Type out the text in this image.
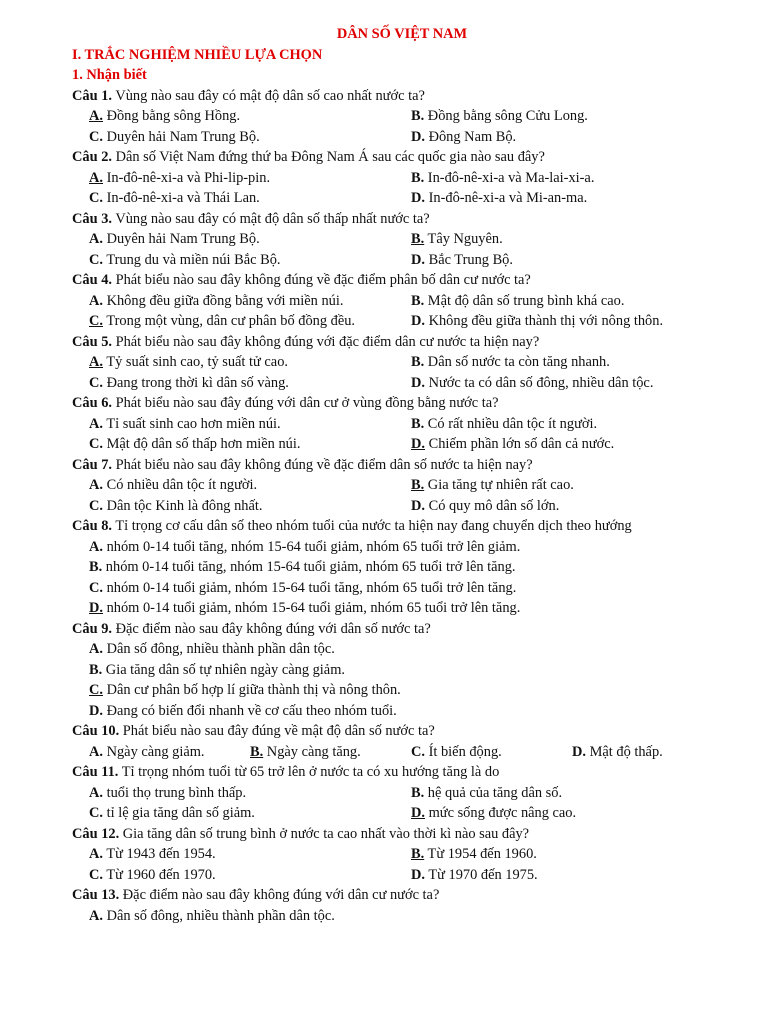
DÂN SỐ VIỆT NAM
I. TRẮC NGHIỆM NHIỀU LỰA CHỌN
1. Nhận biết
Câu 1. Vùng nào sau đây có mật độ dân số cao nhất nước ta?
A. Đồng bằng sông Hồng.	B. Đồng bằng sông Cửu Long.
C. Duyên hải Nam Trung Bộ.	D. Đông Nam Bộ.
Câu 2. Dân số Việt Nam đứng thứ ba Đông Nam Á sau các quốc gia nào sau đây?
A. In-đô-nê-xi-a và Phi-lip-pin.	B. In-đô-nê-xi-a và Ma-lai-xi-a.
C. In-đô-nê-xi-a và Thái Lan.	D. In-đô-nê-xi-a và Mi-an-ma.
Câu 3. Vùng nào sau đây có mật độ dân số thấp nhất nước ta?
A. Duyên hải Nam Trung Bộ.	B. Tây Nguyên.
C. Trung du và miền núi Bắc Bộ.	D. Bắc Trung Bộ.
Câu 4. Phát biểu nào sau đây không đúng về đặc điểm phân bố dân cư nước ta?
A. Không đều giữa đồng bằng với miền núi.	B. Mật độ dân số trung bình khá cao.
C. Trong một vùng, dân cư phân bố đồng đều.	D. Không đều giữa thành thị với nông thôn.
Câu 5. Phát biểu nào sau đây không đúng với đặc điểm dân cư nước ta hiện nay?
A. Tỷ suất sinh cao, tỷ suất tử cao.	B. Dân số nước ta còn tăng nhanh.
C. Đang trong thời kì dân số vàng.	D. Nước ta có dân số đông, nhiều dân tộc.
Câu 6. Phát biểu nào sau đây đúng với dân cư ở vùng đồng bằng nước ta?
A. Tỉ suất sinh cao hơn miền núi.	B. Có rất nhiều dân tộc ít người.
C. Mật độ dân số thấp hơn miền núi.	D. Chiếm phần lớn số dân cả nước.
Câu 7. Phát biểu nào sau đây không đúng về đặc điểm dân số nước ta hiện nay?
A. Có nhiều dân tộc ít người.	B. Gia tăng tự nhiên rất cao.
C. Dân tộc Kinh là đông nhất.	D. Có quy mô dân số lớn.
Câu 8. Tỉ trọng cơ cấu dân số theo nhóm tuổi của nước ta hiện nay đang chuyển dịch theo hướng
A. nhóm 0-14 tuổi tăng, nhóm 15-64 tuổi giảm, nhóm 65 tuổi trở lên giảm.
B. nhóm 0-14 tuổi tăng, nhóm 15-64 tuổi giảm, nhóm 65 tuổi trở lên tăng.
C. nhóm 0-14 tuổi giảm, nhóm 15-64 tuổi tăng, nhóm 65 tuổi trở lên tăng.
D. nhóm 0-14 tuổi giảm, nhóm 15-64 tuổi giảm, nhóm 65 tuổi trở lên tăng.
Câu 9. Đặc điểm nào sau đây không đúng với dân số nước ta?
A. Dân số đông, nhiều thành phần dân tộc.
B. Gia tăng dân số tự nhiên ngày càng giảm.
C. Dân cư phân bố hợp lí giữa thành thị và nông thôn.
D. Đang có biến đổi nhanh về cơ cấu theo nhóm tuổi.
Câu 10. Phát biểu nào sau đây đúng về mật độ dân số nước ta?
A. Ngày càng giảm.	B. Ngày càng tăng.	C. Ít biến động.	D. Mật độ thấp.
Câu 11. Tỉ trọng nhóm tuổi từ 65 trở lên ở nước ta có xu hướng tăng là do
A. tuổi thọ trung bình thấp.	B. hệ quả của tăng dân số.
C. tỉ lệ gia tăng dân số giảm.	D. mức sống được nâng cao.
Câu 12. Gia tăng dân số trung bình ở nước ta cao nhất vào thời kì nào sau đây?
A. Từ 1943 đến 1954.	B. Từ 1954 đến 1960.
C. Từ 1960 đến 1970.	D. Từ 1970 đến 1975.
Câu 13. Đặc điểm nào sau đây không đúng với dân cư nước ta?
A. Dân số đông, nhiều thành phần dân tộc.
